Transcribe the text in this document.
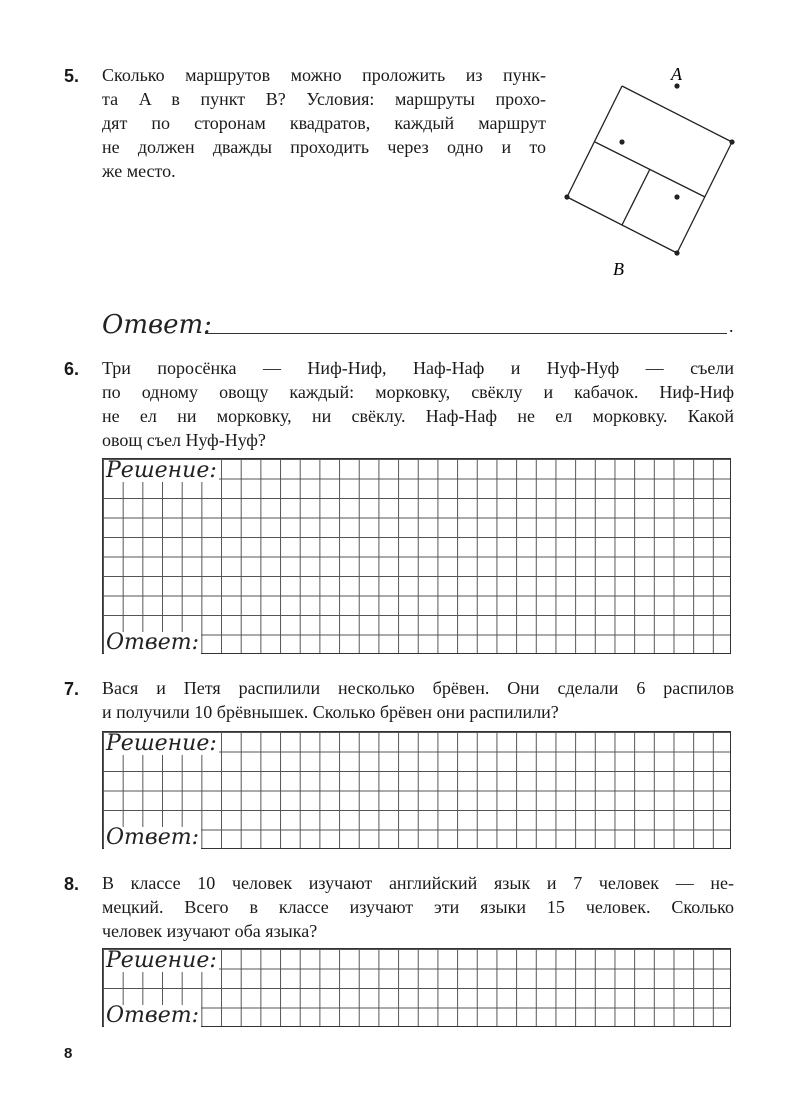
5. Сколько маршрутов можно проложить из пунк-
та A в пункт B? Условия: маршруты прохо-
дят по сторонам квадратов, каждый маршрут
не должен дважды проходить через одно и то
же место.
A
B
Ответ:	.
6. Три поросёнка — Ниф-Ниф, Наф-Наф и Нуф-Нуф — съели
по одному овощу каждый: морковку, свёклу и кабачок. Ниф-Ниф
не ел ни морковку, ни свёклу. Наф-Наф не ел морковку. Какой
овощ съел Нуф-Нуф?
Решение:
Ответ:
7. Вася и Петя распилили несколько брёвен. Они сделали 6 распилов
и получили 10 брёвнышек. Сколько брёвен они распилили?
Решение:
Ответ:
8. В классе 10 человек изучают английский язык и 7 человек — не-
мецкий. Всего в классе изучают эти языки 15 человек. Сколько
человек изучают оба языка?
Решение:
Ответ:
8
